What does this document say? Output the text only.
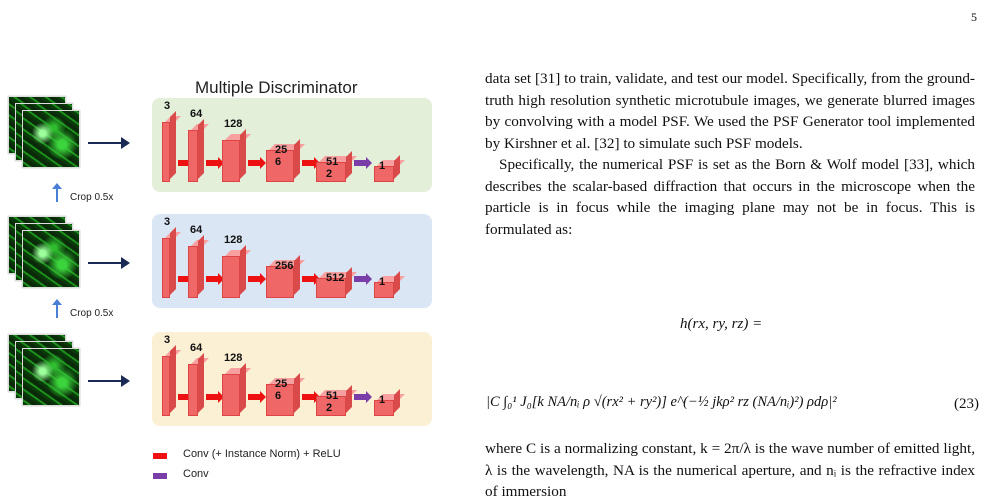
5
Multiple Discriminator
Crop 0.5x
Crop 0.5x
3
64
128
25
6	51
2
1
3
64
128
256
512	1
3
64
128
25
6	51
2
1
Conv (+ Instance Norm) + ReLU
Conv

data set [31] to train, validate, and test our model. Specifically, from the ground-truth high resolution synthetic microtubule images, we generate blurred images by convolving with a model PSF. We used the PSF Generator tool implemented by Kirshner et al. [32] to simulate such PSF models.

Specifically, the numerical PSF is set as the Born & Wolf model [33], which describes the scalar-based diffraction that occurs in the microscope when the particle is in focus while the imaging plane may not be in focus. This is formulated as:

h(rx, ry, rz) =
|C ∫₀¹ J₀[k NA/nᵢ ρ √(rx² + ry²)] e^(−½ jkρ² rz (NA/nᵢ)²) ρdρ|²	(23)

where C is a normalizing constant, k = 2π/λ is the wave number of emitted light, λ is the wavelength, NA is the numerical aperture, and nᵢ is the refractive index of immersion
